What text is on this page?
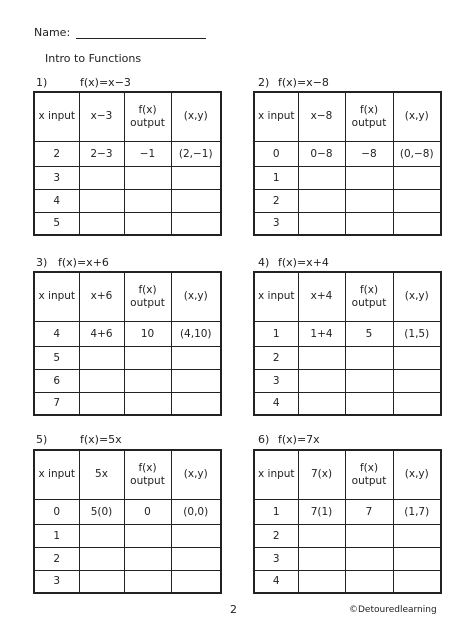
Name:
Intro to Functions
1)	f(x)=x−3
x input	x−3	f(x) output	(x,y)
2	2−3	−1	(2,−1)
3			
4			
5			
2) f(x)=x−8
x input	x−8	f(x) output	(x,y)
0	0−8	−8	(0,−8)
1			
2			
3			
3) f(x)=x+6
x input	x+6	f(x) output	(x,y)
4	4+6	10	(4,10)
5			
6			
7			
4) f(x)=x+4
x input	x+4	f(x) output	(x,y)
1	1+4	5	(1,5)
2			
3			
4			
5)	f(x)=5x
x input	5x	f(x) output	(x,y)
0	5(0)	0	(0,0)
1			
2			
3			
6) f(x)=7x
x input	7(x)	f(x) output	(x,y)
1	7(1)	7	(1,7)
2			
3			
4			
2	©Detouredlearning
